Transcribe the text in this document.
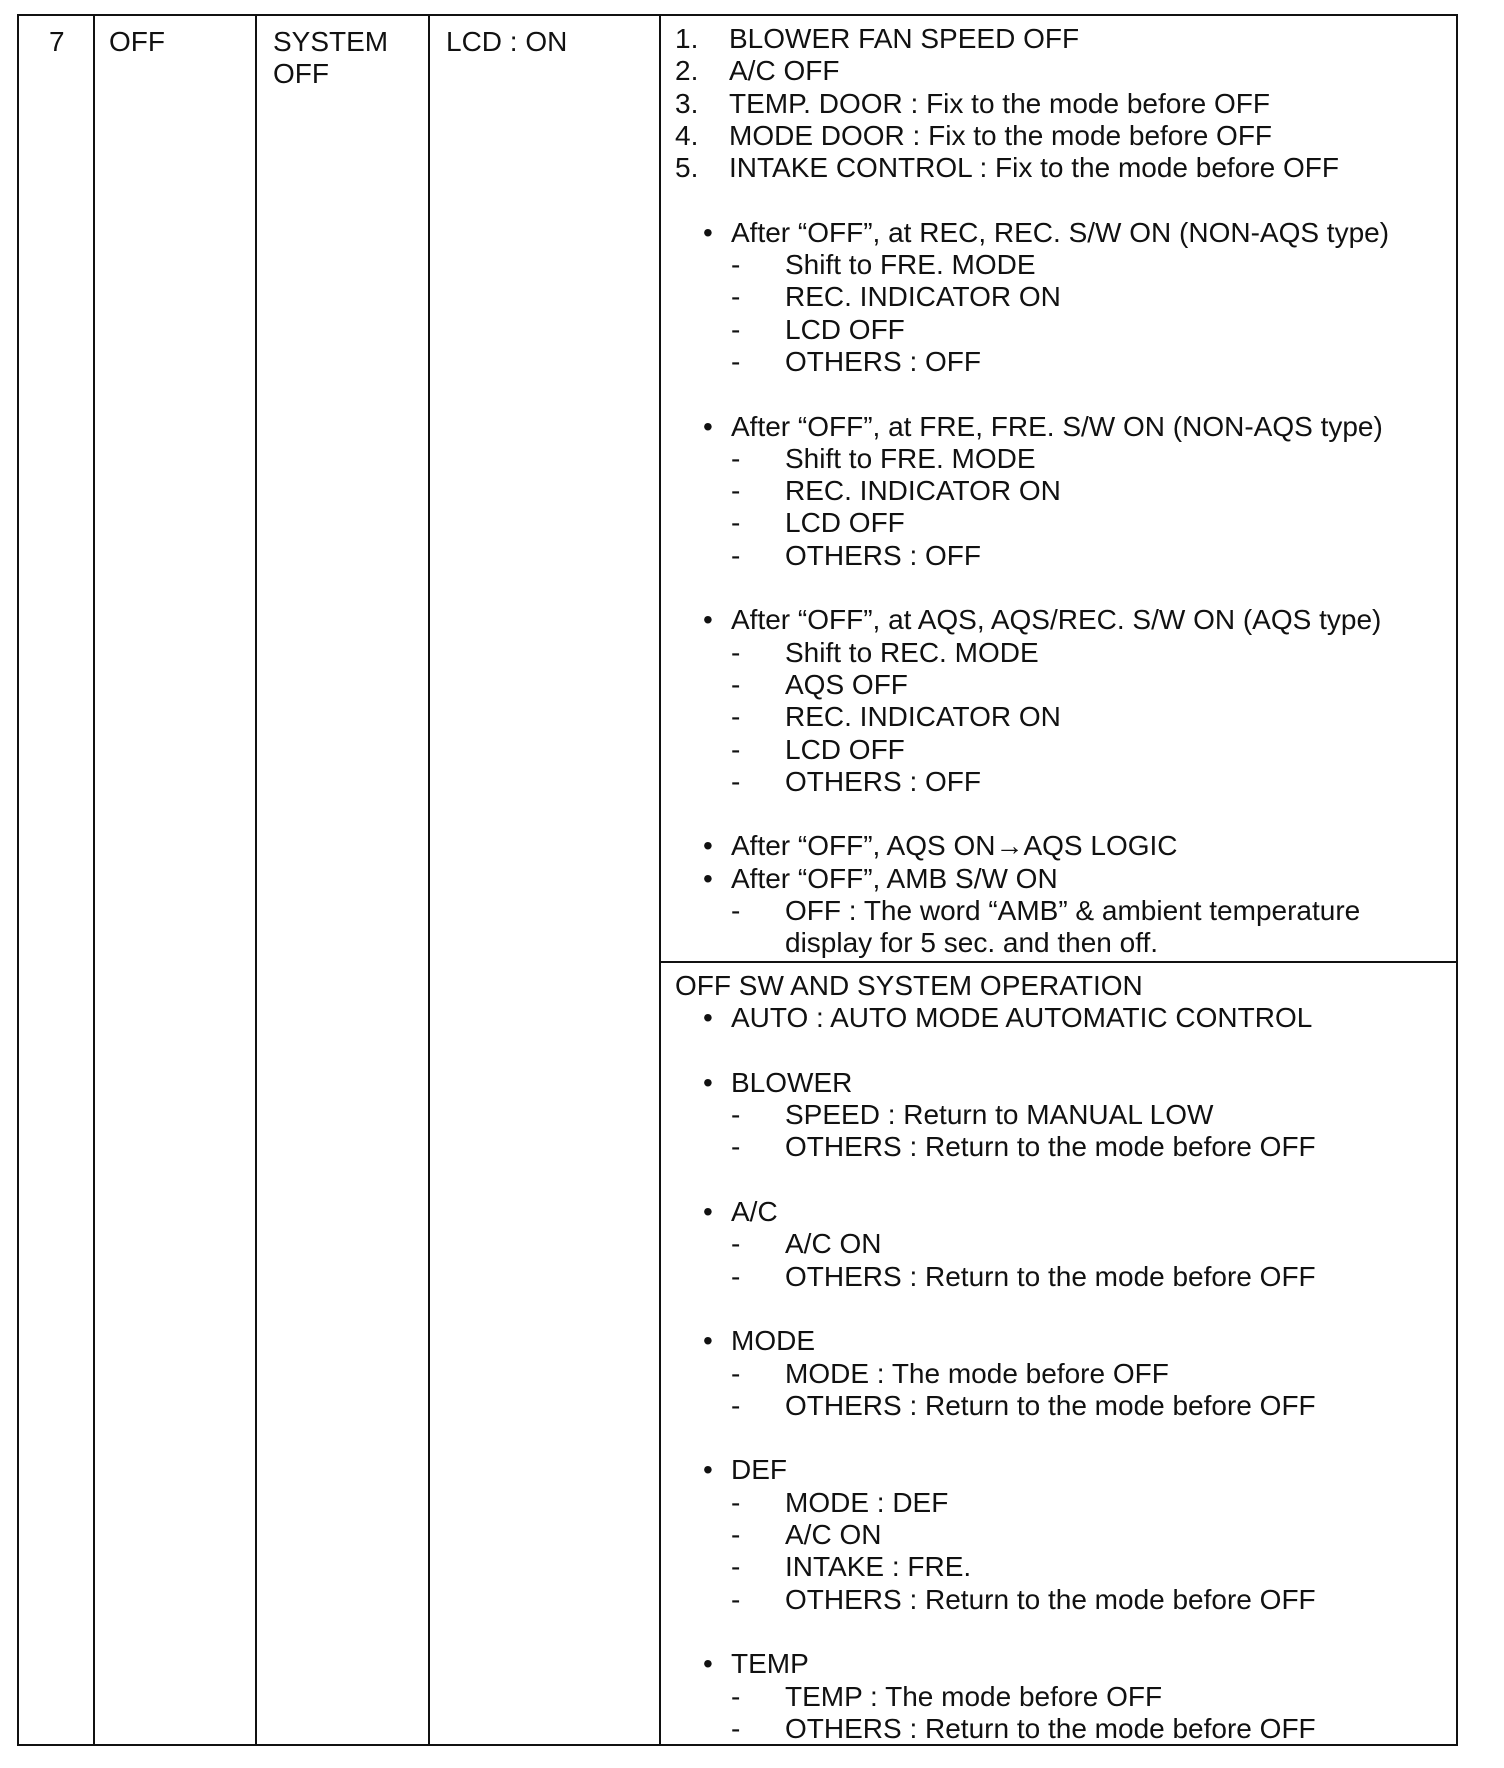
7 OFF	SYSTEM
OFF
LCD : ON	1. BLOWER FAN SPEED OFF
2. A/C OFF
3. TEMP. DOOR : Fix to the mode before OFF
4. MODE DOOR : Fix to the mode before OFF
5. INTAKE CONTROL : Fix to the mode before OFF
• After “OFF”, at REC, REC. S/W ON (NON-AQS type)
- Shift to FRE. MODE
- REC. INDICATOR ON
- LCD OFF
- OTHERS : OFF
• After “OFF”, at FRE, FRE. S/W ON (NON-AQS type)
- Shift to FRE. MODE
- REC. INDICATOR ON
- LCD OFF
- OTHERS : OFF
• After “OFF”, at AQS, AQS/REC. S/W ON (AQS type)
- Shift to REC. MODE
- AQS OFF
- REC. INDICATOR ON
- LCD OFF
- OTHERS : OFF
• After “OFF”, AQS ON→AQS LOGIC
• After “OFF”, AMB S/W ON
- OFF : The word “AMB” & ambient temperature
display for 5 sec. and then off.
OFF SW AND SYSTEM OPERATION
• AUTO : AUTO MODE AUTOMATIC CONTROL
• BLOWER
- SPEED : Return to MANUAL LOW
- OTHERS : Return to the mode before OFF
• A/C
- A/C ON
- OTHERS : Return to the mode before OFF
• MODE
- MODE : The mode before OFF
- OTHERS : Return to the mode before OFF
• DEF
- MODE : DEF
- A/C ON
- INTAKE : FRE.
- OTHERS : Return to the mode before OFF
• TEMP
- TEMP : The mode before OFF
- OTHERS : Return to the mode before OFF
